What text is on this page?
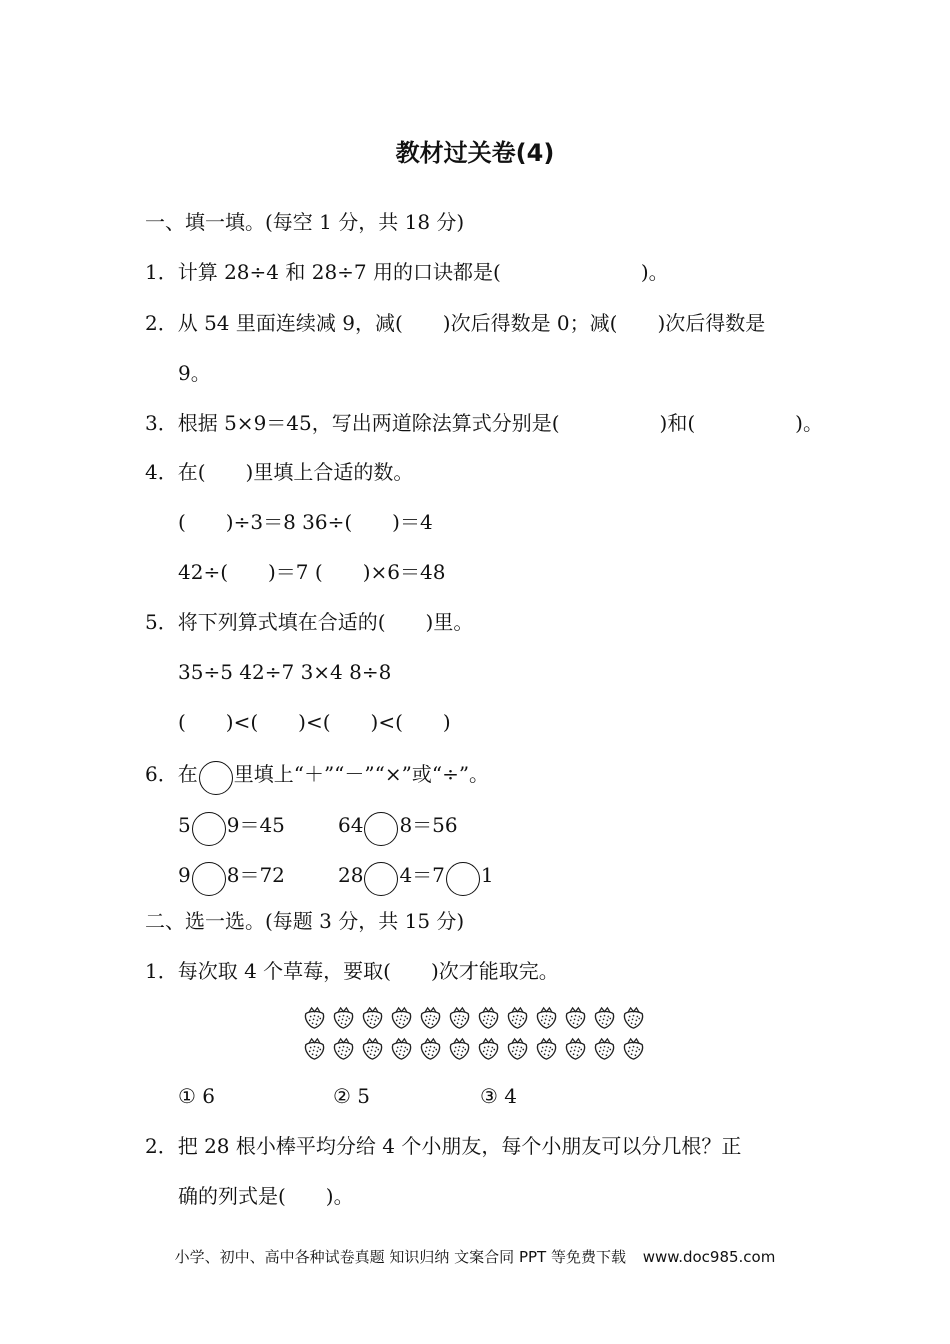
教材过关卷(4)
一、填一填。(每空 1 分，共 18 分)
1．计算 28÷4 和 28÷7 用的口诀都是(　　　　　　　)。
2．从 54 里面连续减 9，减(　　)次后得数是 0；减(　　)次后得数是
9。
3．根据 5×9＝45，写出两道除法算式分别是(　　　　　)和(　　　　　)。
4．在(　　)里填上合适的数。
(　　)÷3＝8 36÷(　　)＝4
42÷(　　)＝7 (　　)×6＝48
5．将下列算式填在合适的(　　)里。
35÷5 42÷7 3×4 8÷8
(　　)<(　　)<(　　)<(　　)
6．在 里填上“＋”“－”“×”或“÷”。
5 9＝45	64 8＝56
9 8＝72	28 4＝7 1
二、选一选。(每题 3 分，共 15 分)
1．每次取 4 个草莓，要取(　　)次才能取完。
① 6	② 5	③ 4
2．把 28 根小棒平均分给 4 个小朋友，每个小朋友可以分几根？正
确的列式是(　　)。
小学、初中、高中各种试卷真题 知识归纳 文案合同 PPT 等免费下载 www.doc985.com
